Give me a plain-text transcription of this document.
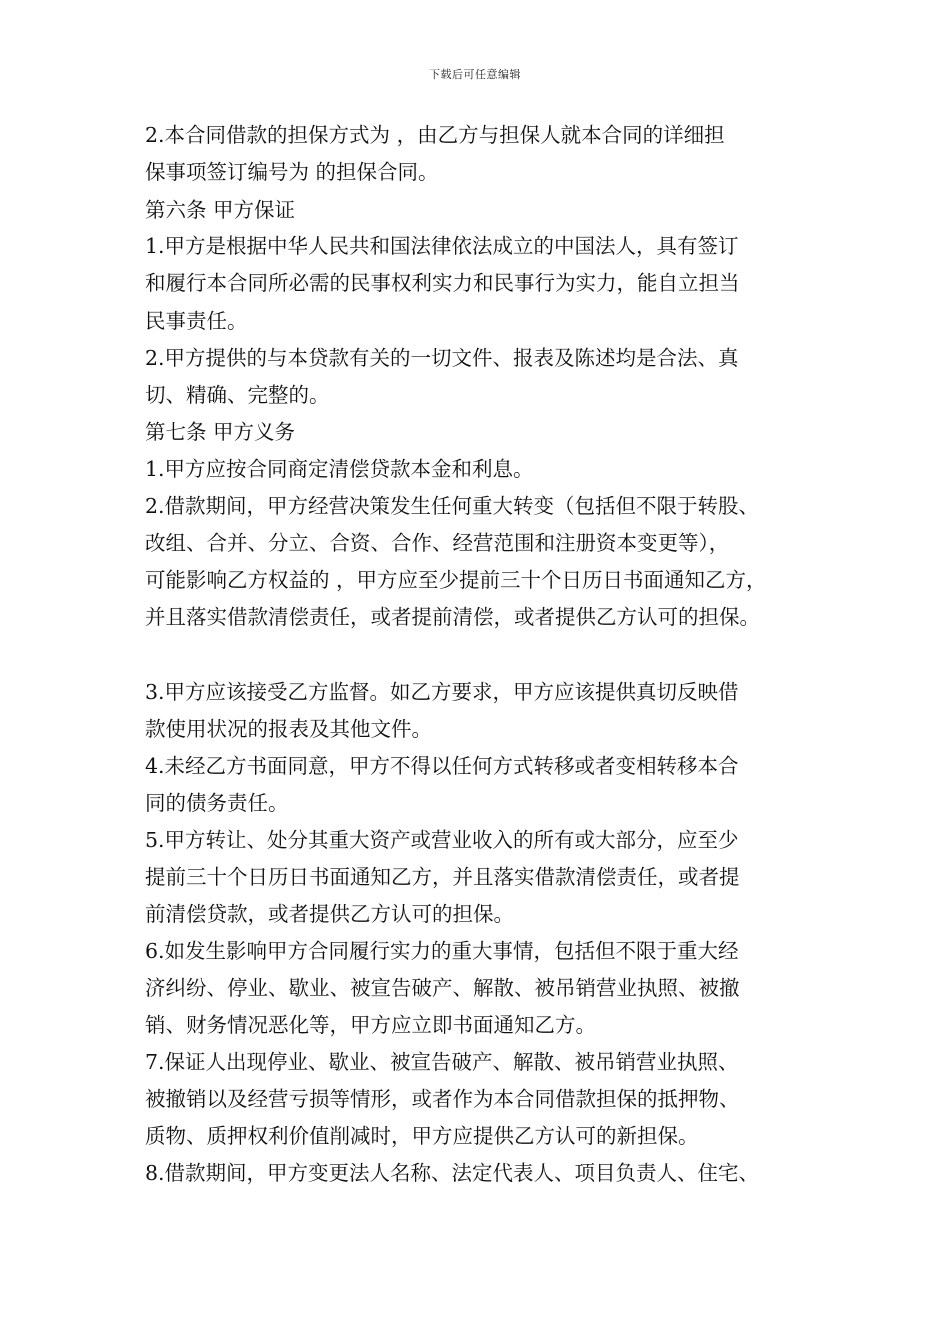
下载后可任意编辑
2.本合同借款的担保方式为 ，由乙方与担保人就本合同的详细担
保事项签订编号为 的担保合同。
第六条 甲方保证
1.甲方是根据中华人民共和国法律依法成立的中国法人，具有签订
和履行本合同所必需的民事权利实力和民事行为实力，能自立担当
民事责任。
2.甲方提供的与本贷款有关的一切文件、报表及陈述均是合法、真
切、精确、完整的。
第七条 甲方义务
1.甲方应按合同商定清偿贷款本金和利息。
2.借款期间，甲方经营决策发生任何重大转变（包括但不限于转股、
改组、合并、分立、合资、合作、经营范围和注册资本变更等），
可能影响乙方权益的 ，甲方应至少提前三十个日历日书面通知乙方，
并且落实借款清偿责任，或者提前清偿，或者提供乙方认可的担保。
3.甲方应该接受乙方监督。如乙方要求，甲方应该提供真切反映借
款使用状况的报表及其他文件。
4.未经乙方书面同意，甲方不得以任何方式转移或者变相转移本合
同的债务责任。
5.甲方转让、处分其重大资产或营业收入的所有或大部分，应至少
提前三十个日历日书面通知乙方，并且落实借款清偿责任，或者提
前清偿贷款，或者提供乙方认可的担保。
6.如发生影响甲方合同履行实力的重大事情，包括但不限于重大经
济纠纷、停业、歇业、被宣告破产、解散、被吊销营业执照、被撤
销、财务情况恶化等，甲方应立即书面通知乙方。
7.保证人出现停业、歇业、被宣告破产、解散、被吊销营业执照、
被撤销以及经营亏损等情形，或者作为本合同借款担保的抵押物、
质物、质押权利价值削减时，甲方应提供乙方认可的新担保。
8.借款期间，甲方变更法人名称、法定代表人、项目负责人、住宅、
